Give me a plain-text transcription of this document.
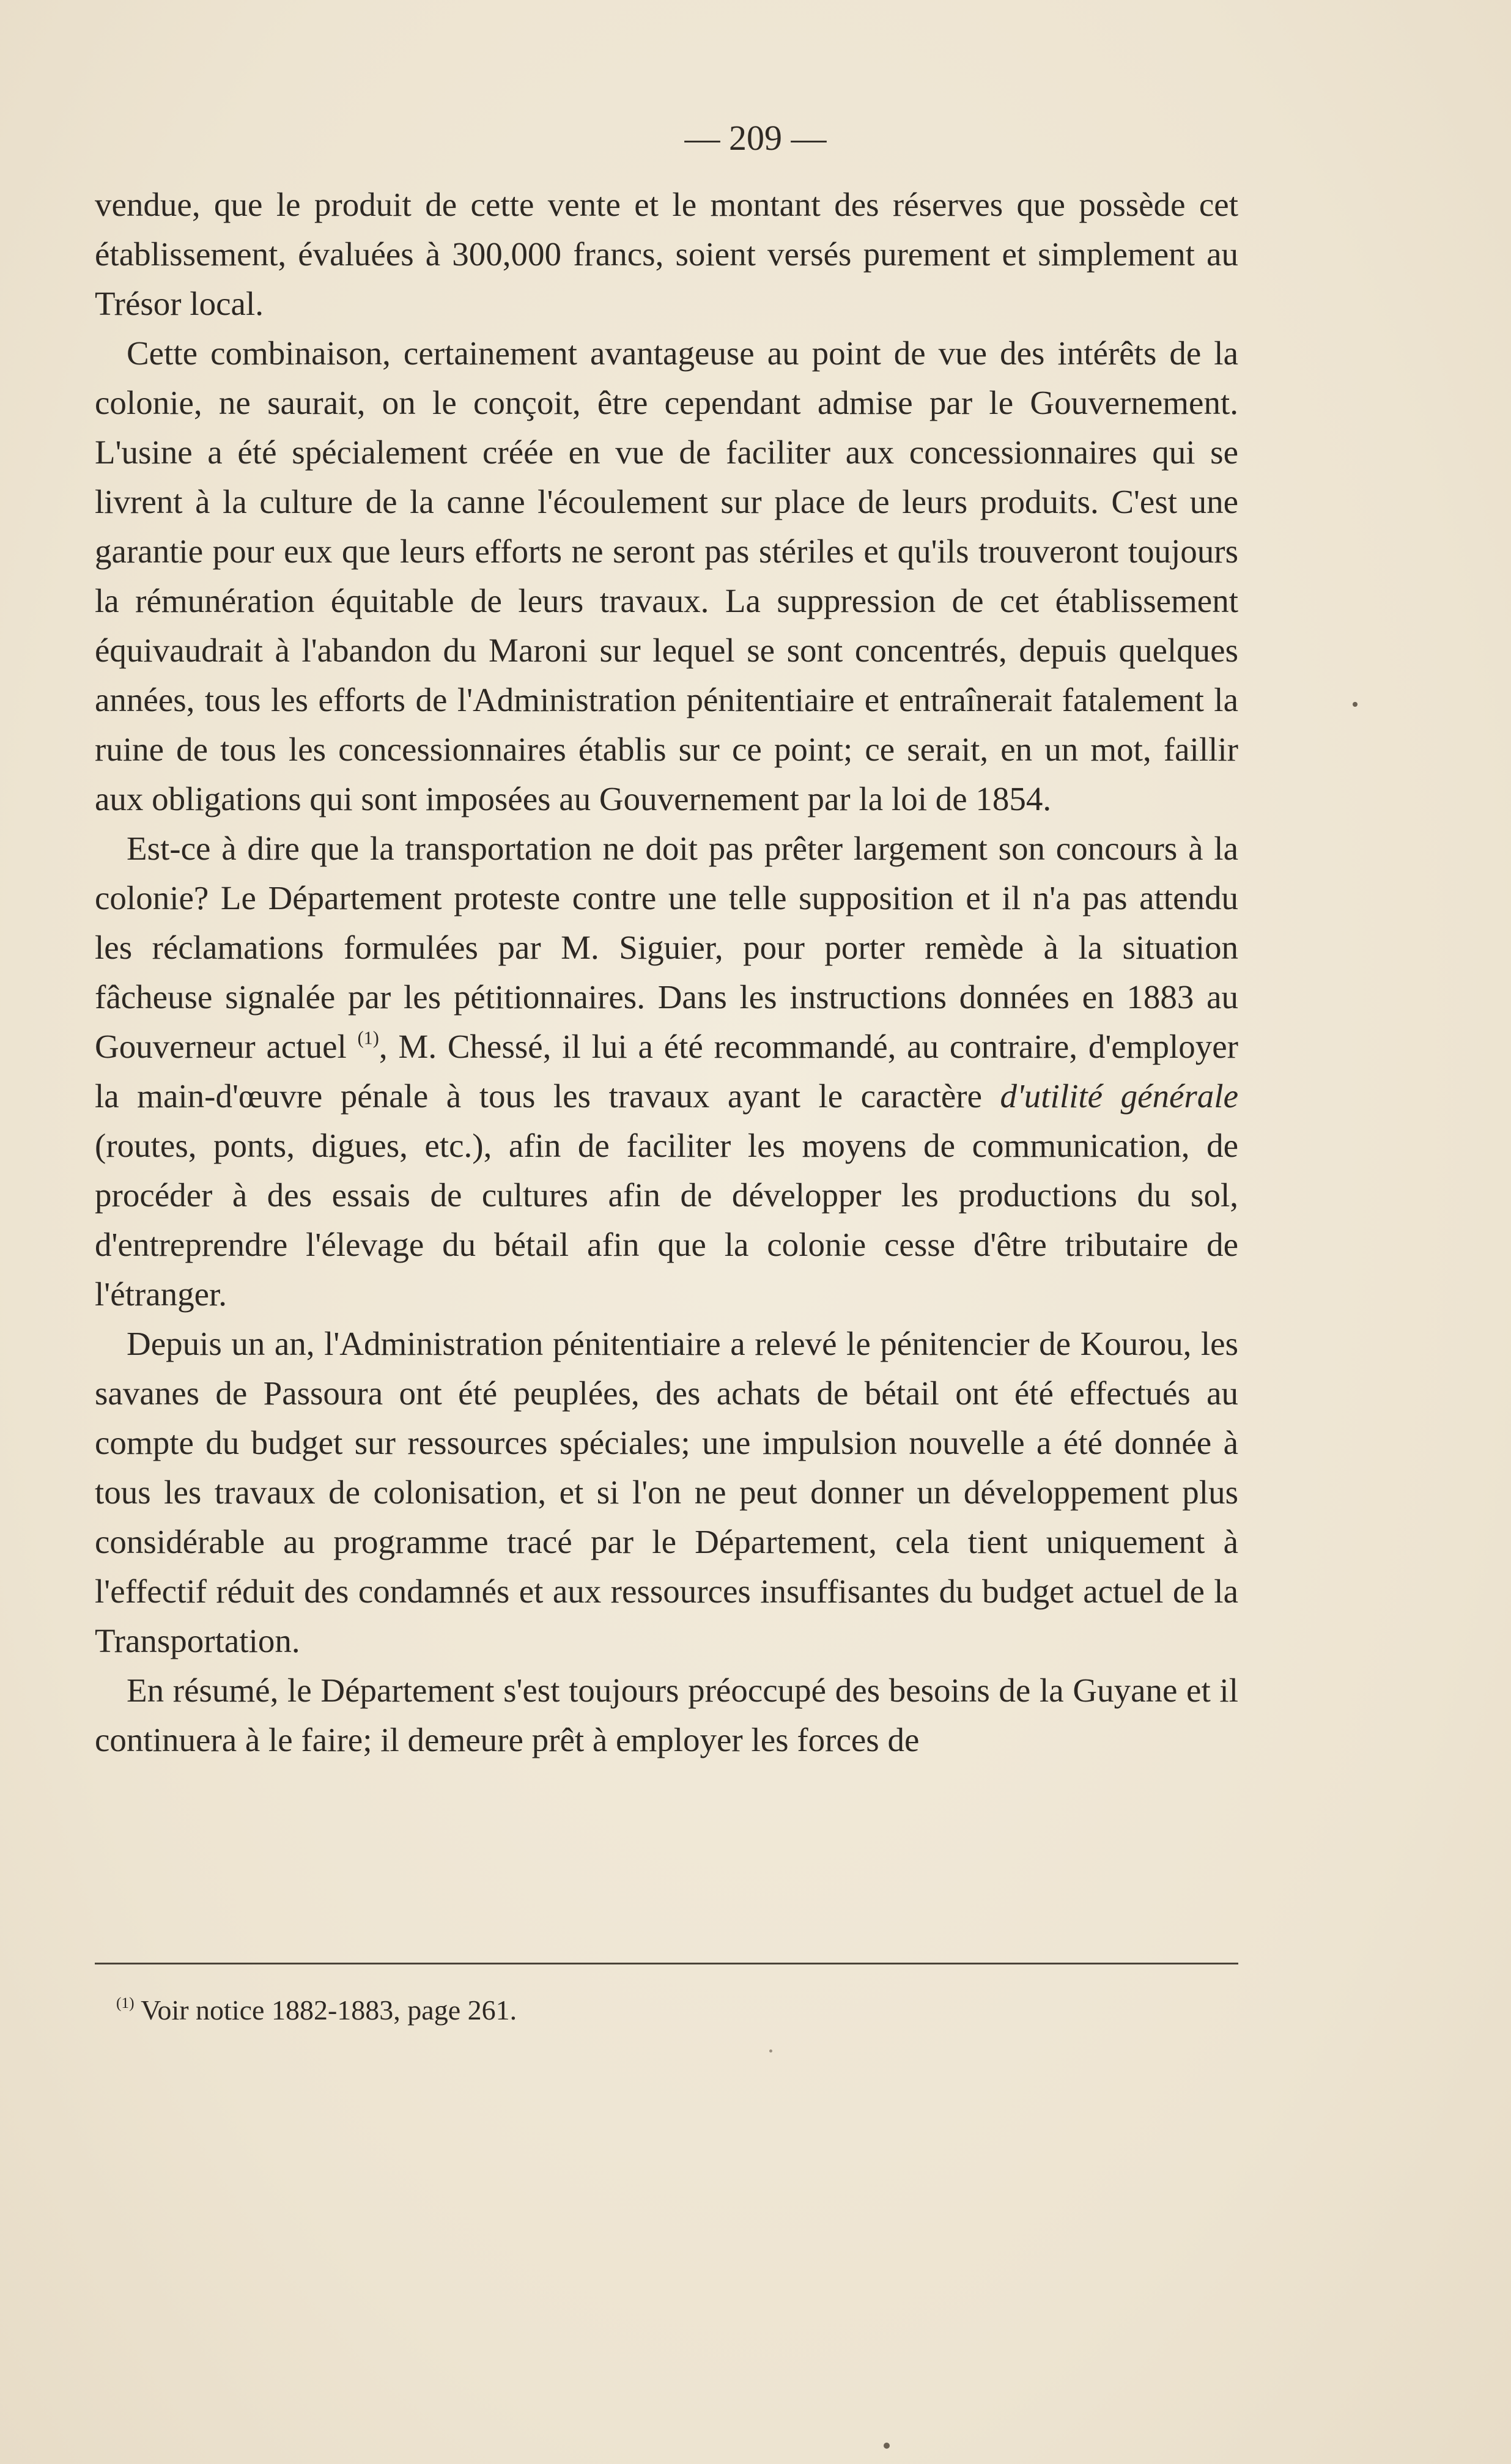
— 209 —

vendue, que le produit de cette vente et le montant des réserves que possède cet établissement, évaluées à 300,000 francs, soient versés purement et simplement au Trésor local.

Cette combinaison, certainement avantageuse au point de vue des intérêts de la colonie, ne saurait, on le conçoit, être cependant admise par le Gouvernement. L'usine a été spécialement créée en vue de faciliter aux concessionnaires qui se livrent à la culture de la canne l'écoulement sur place de leurs produits. C'est une garantie pour eux que leurs efforts ne seront pas stériles et qu'ils trouveront toujours la rémunération équitable de leurs travaux. La suppression de cet établissement équivaudrait à l'abandon du Maroni sur lequel se sont concentrés, depuis quelques années, tous les efforts de l'Administration pénitentiaire et entraînerait fatalement la ruine de tous les concessionnaires établis sur ce point; ce serait, en un mot, faillir aux obligations qui sont imposées au Gouvernement par la loi de 1854.

Est-ce à dire que la transportation ne doit pas prêter largement son concours à la colonie? Le Département proteste contre une telle supposition et il n'a pas attendu les réclamations formulées par M. Siguier, pour porter remède à la situation fâcheuse signalée par les pétitionnaires. Dans les instructions données en 1883 au Gouverneur actuel $^{(1)}$, M. Chessé, il lui a été recommandé, au contraire, d'employer la main-d'œuvre pénale à tous les travaux ayant le caractère d'utilité générale (routes, ponts, digues, etc.), afin de faciliter les moyens de communication, de procéder à des essais de cultures afin de développer les productions du sol, d'entreprendre l'élevage du bétail afin que la colonie cesse d'être tributaire de l'étranger.

Depuis un an, l'Administration pénitentiaire a relevé le pénitencier de Kourou, les savanes de Passoura ont été peuplées, des achats de bétail ont été effectués au compte du budget sur ressources spéciales; une impulsion nouvelle a été donnée à tous les travaux de colonisation, et si l'on ne peut donner un développement plus considérable au programme tracé par le Département, cela tient uniquement à l'effectif réduit des condamnés et aux ressources insuffisantes du budget actuel de la Transportation.

En résumé, le Département s'est toujours préoccupé des besoins de la Guyane et il continuera à le faire; il demeure prêt à employer les forces de

$^{(1)}$ Voir notice 1882-1883, page 261.
